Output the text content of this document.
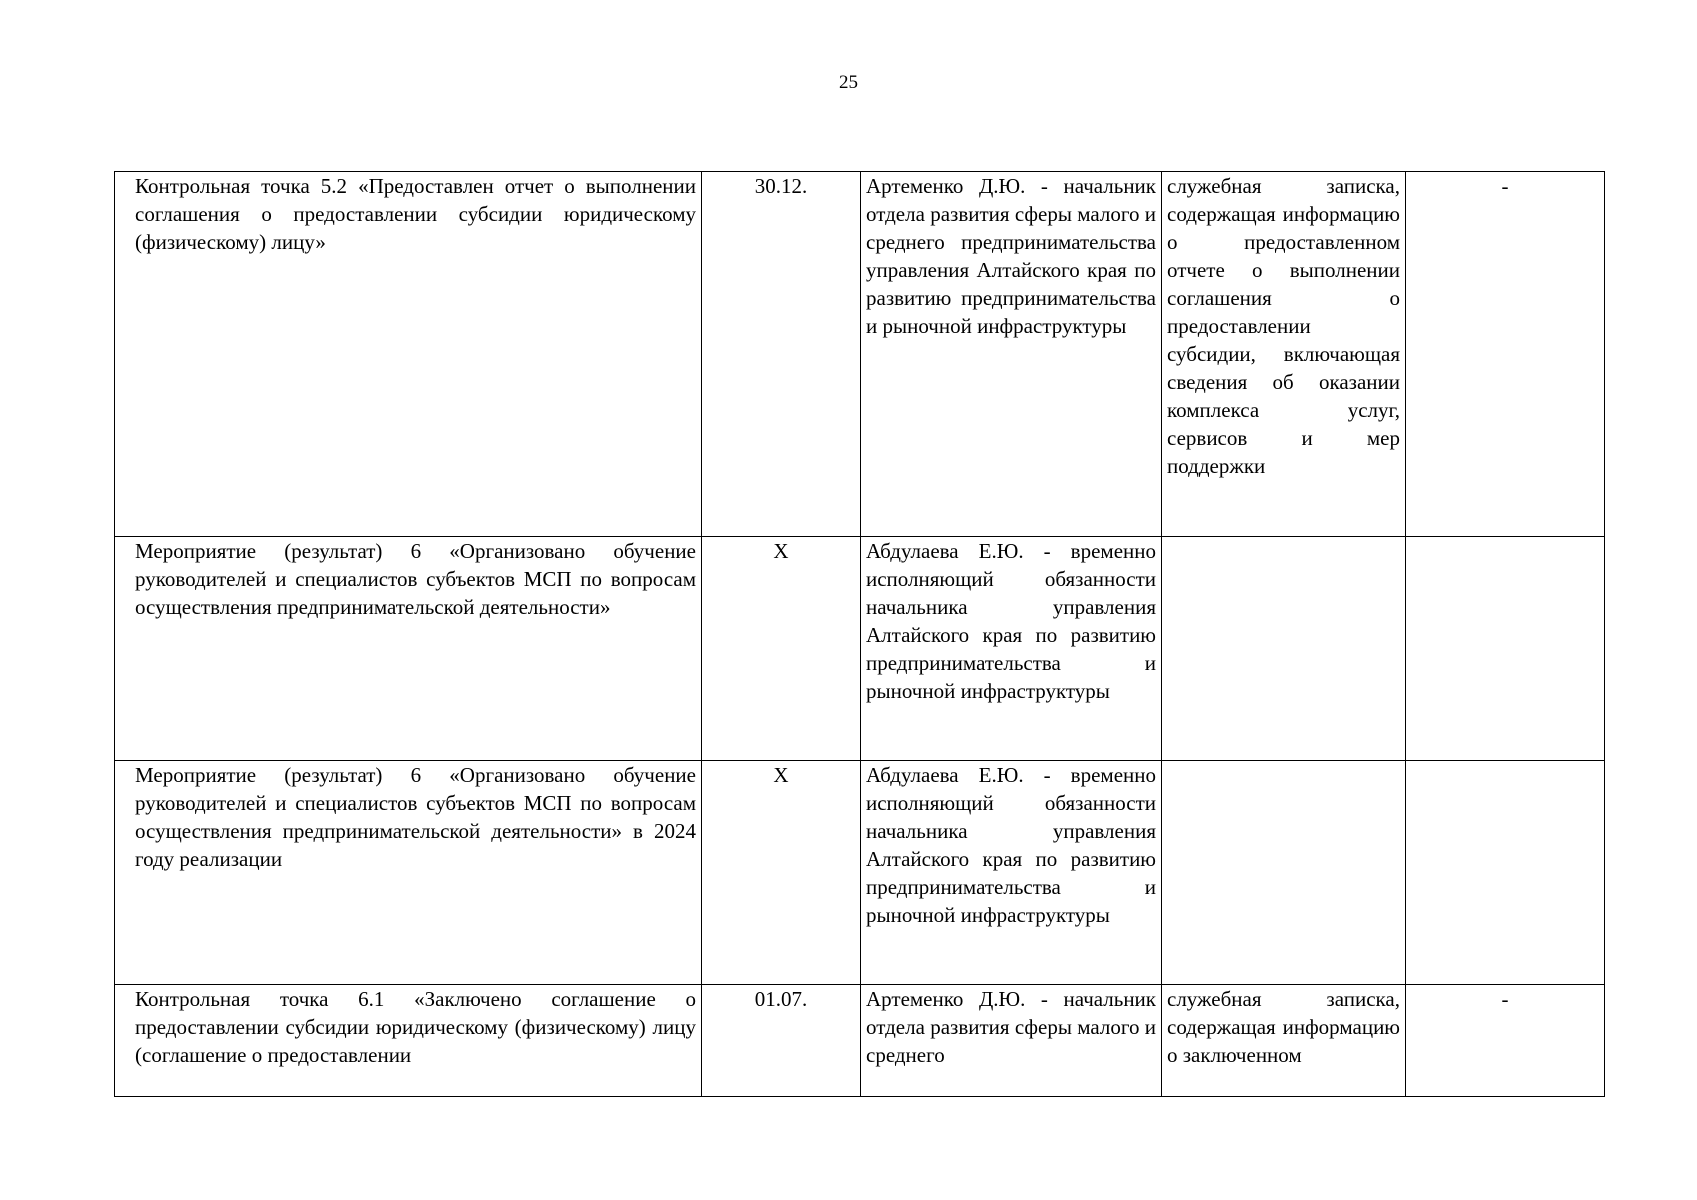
25
Контрольная точка 5.2 «Предоставлен отчет о выполнении соглашения о предоставлении субсидии юридическому (физическому) лицу»	30.12.	Артеменко Д.Ю. - начальник отдела развития сферы малого и среднего предпринимательства управления Алтайского края по развитию предпринимательства и рыночной инфраструктуры	служебная записка, содержащая информацию о предоставленном отчете о выполнении соглашения о предоставлении субсидии, включающая сведения об оказании комплекса услуг, сервисов и мер поддержки	-

Мероприятие (результат) 6 «Организовано обучение руководителей и специалистов субъектов МСП по вопросам осуществления предпринимательской деятельности»	X	Абдулаева Е.Ю. - временно исполняющий обязанности начальника управления Алтайского края по развитию предпринимательства и рыночной инфраструктуры		

Мероприятие (результат) 6 «Организовано обучение руководителей и специалистов субъектов МСП по вопросам осуществления предпринимательской деятельности» в 2024 году реализации	X	Абдулаева Е.Ю. - временно исполняющий обязанности начальника управления Алтайского края по развитию предпринимательства и рыночной инфраструктуры		

Контрольная точка 6.1 «Заключено соглашение о предоставлении субсидии юридическому (физическому) лицу (соглашение о предоставлении	01.07.	Артеменко Д.Ю. - начальник отдела развития сферы малого и среднего	служебная записка, содержащая информацию о заключенном	-
